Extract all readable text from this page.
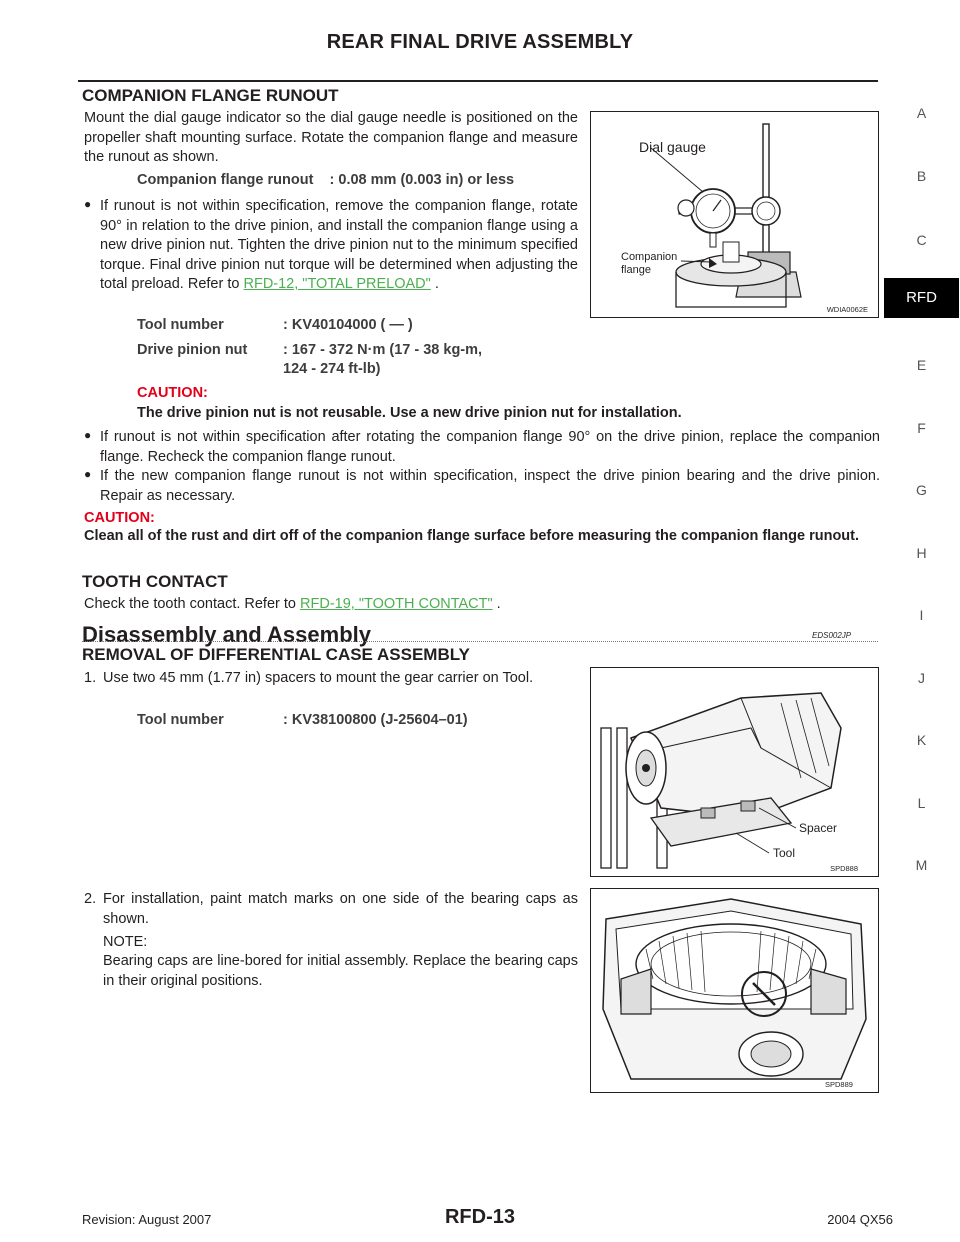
REAR FINAL DRIVE ASSEMBLY
A
B
C
RFD
E
F
G
H
I
J
K
L
M
COMPANION FLANGE RUNOUT
Mount the dial gauge indicator so the dial gauge needle is positioned on the propeller shaft mounting surface. Rotate the companion flange and measure the runout as shown.
Companion flange runout : 0.08 mm (0.003 in) or less
● If runout is not within specification, remove the companion flange, rotate 90° in relation to the drive pinion, and install the companion flange using a new drive pinion nut. Tighten the drive pinion nut to the minimum specified torque. Final drive pinion nut torque will be determined when adjusting the total preload. Refer to RFD-12, "TOTAL PRELOAD" .
Tool number	: KV40104000 ( — )
Drive pinion nut : 167 - 372 N·m (17 - 38 kg-m,
124 - 274 ft-lb)
CAUTION:
The drive pinion nut is not reusable. Use a new drive pinion nut for installation.
● If runout is not within specification after rotating the companion flange 90° on the drive pinion, replace the companion flange. Recheck the companion flange runout.
● If the new companion flange runout is not within specification, inspect the drive pinion bearing and the drive pinion. Repair as necessary.
CAUTION:
Clean all of the rust and dirt off of the companion flange surface before measuring the companion flange runout.
Dial gauge
Companion
flange
WDIA0062E
TOOTH CONTACT
Check the tooth contact. Refer to RFD-19, "TOOTH CONTACT" .
Disassembly and Assembly	EDS002JP
REMOVAL OF DIFFERENTIAL CASE ASSEMBLY
1. Use two 45 mm (1.77 in) spacers to mount the gear carrier on Tool.
Tool number	: KV38100800 (J-25604–01)
2. For installation, paint match marks on one side of the bearing caps as shown.
NOTE:
Bearing caps are line-bored for initial assembly. Replace the bearing caps in their original positions.
Spacer
Tool
SPD888
SPD889
Revision: August 2007	RFD-13	2004 QX56
